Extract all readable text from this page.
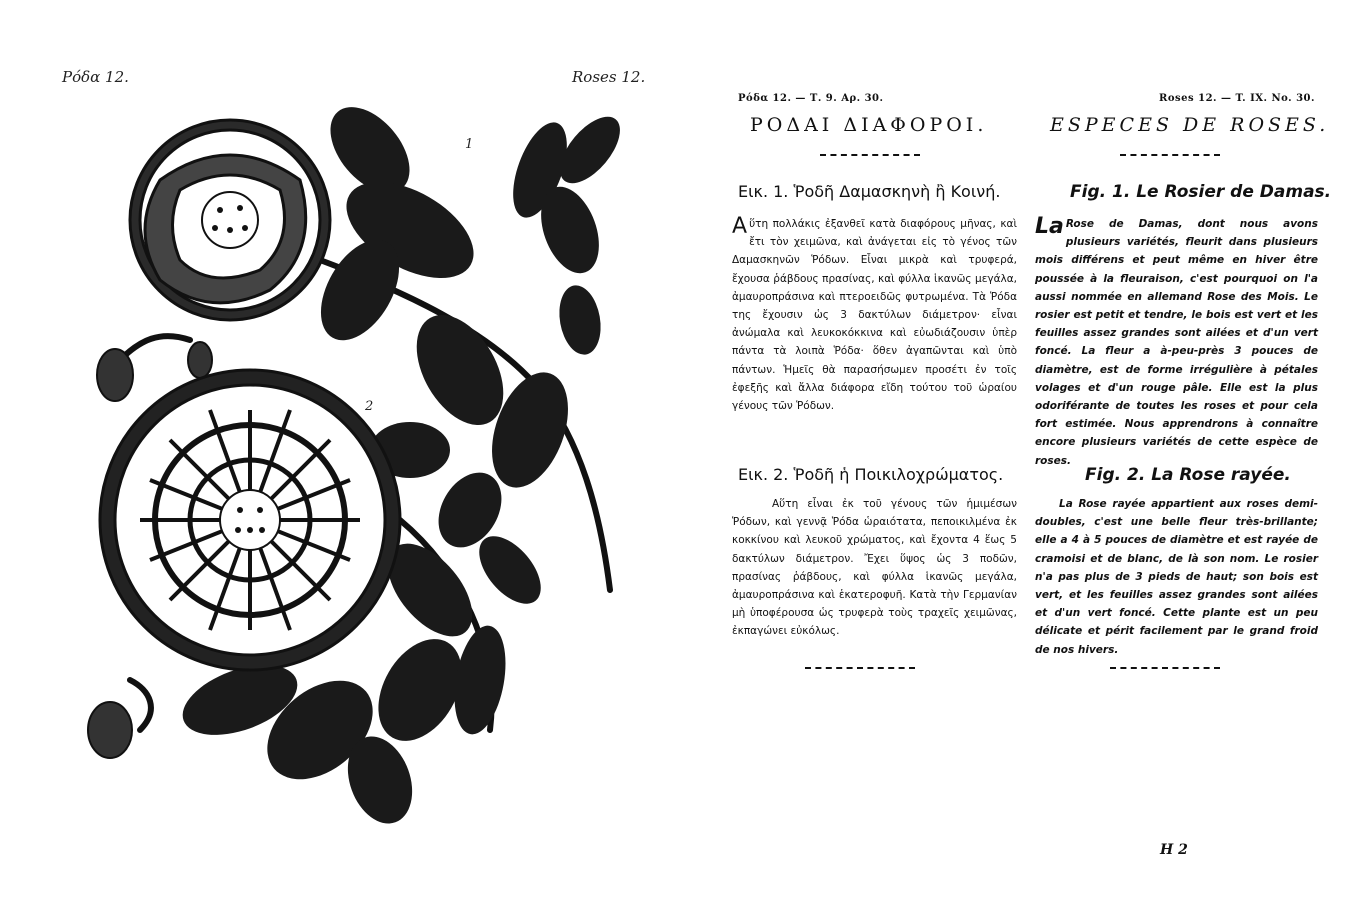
Ρόδα 12.	Roses 12.
1
2
Ρόδα 12. — Τ. 9. Αρ. 30.	Roses 12. — T. IX. No. 30.
ΡΟΔΑΙ ΔΙΑΦΟΡΟΙ.	ESPECES DE ROSES.
Εικ. 1. Ῥοδῆ Δαμασκηνὴ ἢ Κοινή.	Fig. 1. Le Rosier de Damas.
Αὕτη πολλάκις ἐξανθεῖ κατὰ διαφόρους μῆνας, καὶ ἔτι τὸν χειμῶνα, καὶ ἀνάγεται εἰς τὸ γένος τῶν Δαμασκηνῶν Ῥόδων. Εἶναι μικρὰ καὶ τρυφερά, ἔχουσα ῥάβδους πρασίνας, καὶ φύλλα ἱκανῶς μεγάλα, ἀμαυροπράσινα καὶ πτεροειδῶς φυτρωμένα. Τὰ Ῥόδα της ἔχουσιν ὡς 3 δακτύλων διάμετρον· εἶναι ἀνώμαλα καὶ λευκοκόκκινα καὶ εὐωδιάζουσιν ὑπὲρ πάντα τὰ λοιπὰ Ῥόδα· ὅθεν ἀγαπῶνται καὶ ὑπὸ πάντων. Ἡμεῖς θὰ παρασήσωμεν προσέτι ἐν τοῖς ἐφεξῆς καὶ ἄλλα διάφορα εἴδη τούτου τοῦ ὡραίου γένους τῶν Ῥόδων.
La Rose de Damas, dont nous avons plusieurs variétés, fleurit dans plusieurs mois différens et peut même en hiver être poussée à la fleuraison, c'est pourquoi on l'a aussi nommée en allemand Rose des Mois. Le rosier est petit et tendre, le bois est vert et les feuilles assez grandes sont ailées et d'un vert foncé. La fleur a à-peu-près 3 pouces de diamètre, est de forme irrégulière à pétales volages et d'un rouge pâle. Elle est la plus odoriférante de toutes les roses et pour cela fort estimée. Nous apprendrons à connaître encore plusieurs variétés de cette espèce de roses.
Εικ. 2. Ῥοδῆ ἡ Ποικιλοχρώματος.	Fig. 2. La Rose rayée.
Αὕτη εἶναι ἐκ τοῦ γένους τῶν ἡμιμέσων Ῥόδων, καὶ γεννᾷ Ῥόδα ὡραιότατα, πεποικιλμένα ἐκ κοκκίνου καὶ λευκοῦ χρώματος, καὶ ἔχοντα 4 ἕως 5 δακτύλων διάμετρον. Ἔχει ὕψος ὡς 3 ποδῶν, πρασίνας ῥάβδους, καὶ φύλλα ἱκανῶς μεγάλα, ἀμαυροπράσινα καὶ ἑκατεροφυῆ. Κατὰ τὴν Γερμανίαν μὴ ὑποφέρουσα ὡς τρυφερὰ τοὺς τραχεῖς χειμῶνας, ἐκπαγώνει εὐκόλως.
La Rose rayée appartient aux roses demi-doubles, c'est une belle fleur très-brillante; elle a 4 à 5 pouces de diamètre et est rayée de cramoisi et de blanc, de là son nom. Le rosier n'a pas plus de 3 pieds de haut; son bois est vert, et les feuilles assez grandes sont ailées et d'un vert foncé. Cette plante est un peu délicate et périt facilement par le grand froid de nos hivers.
H 2
